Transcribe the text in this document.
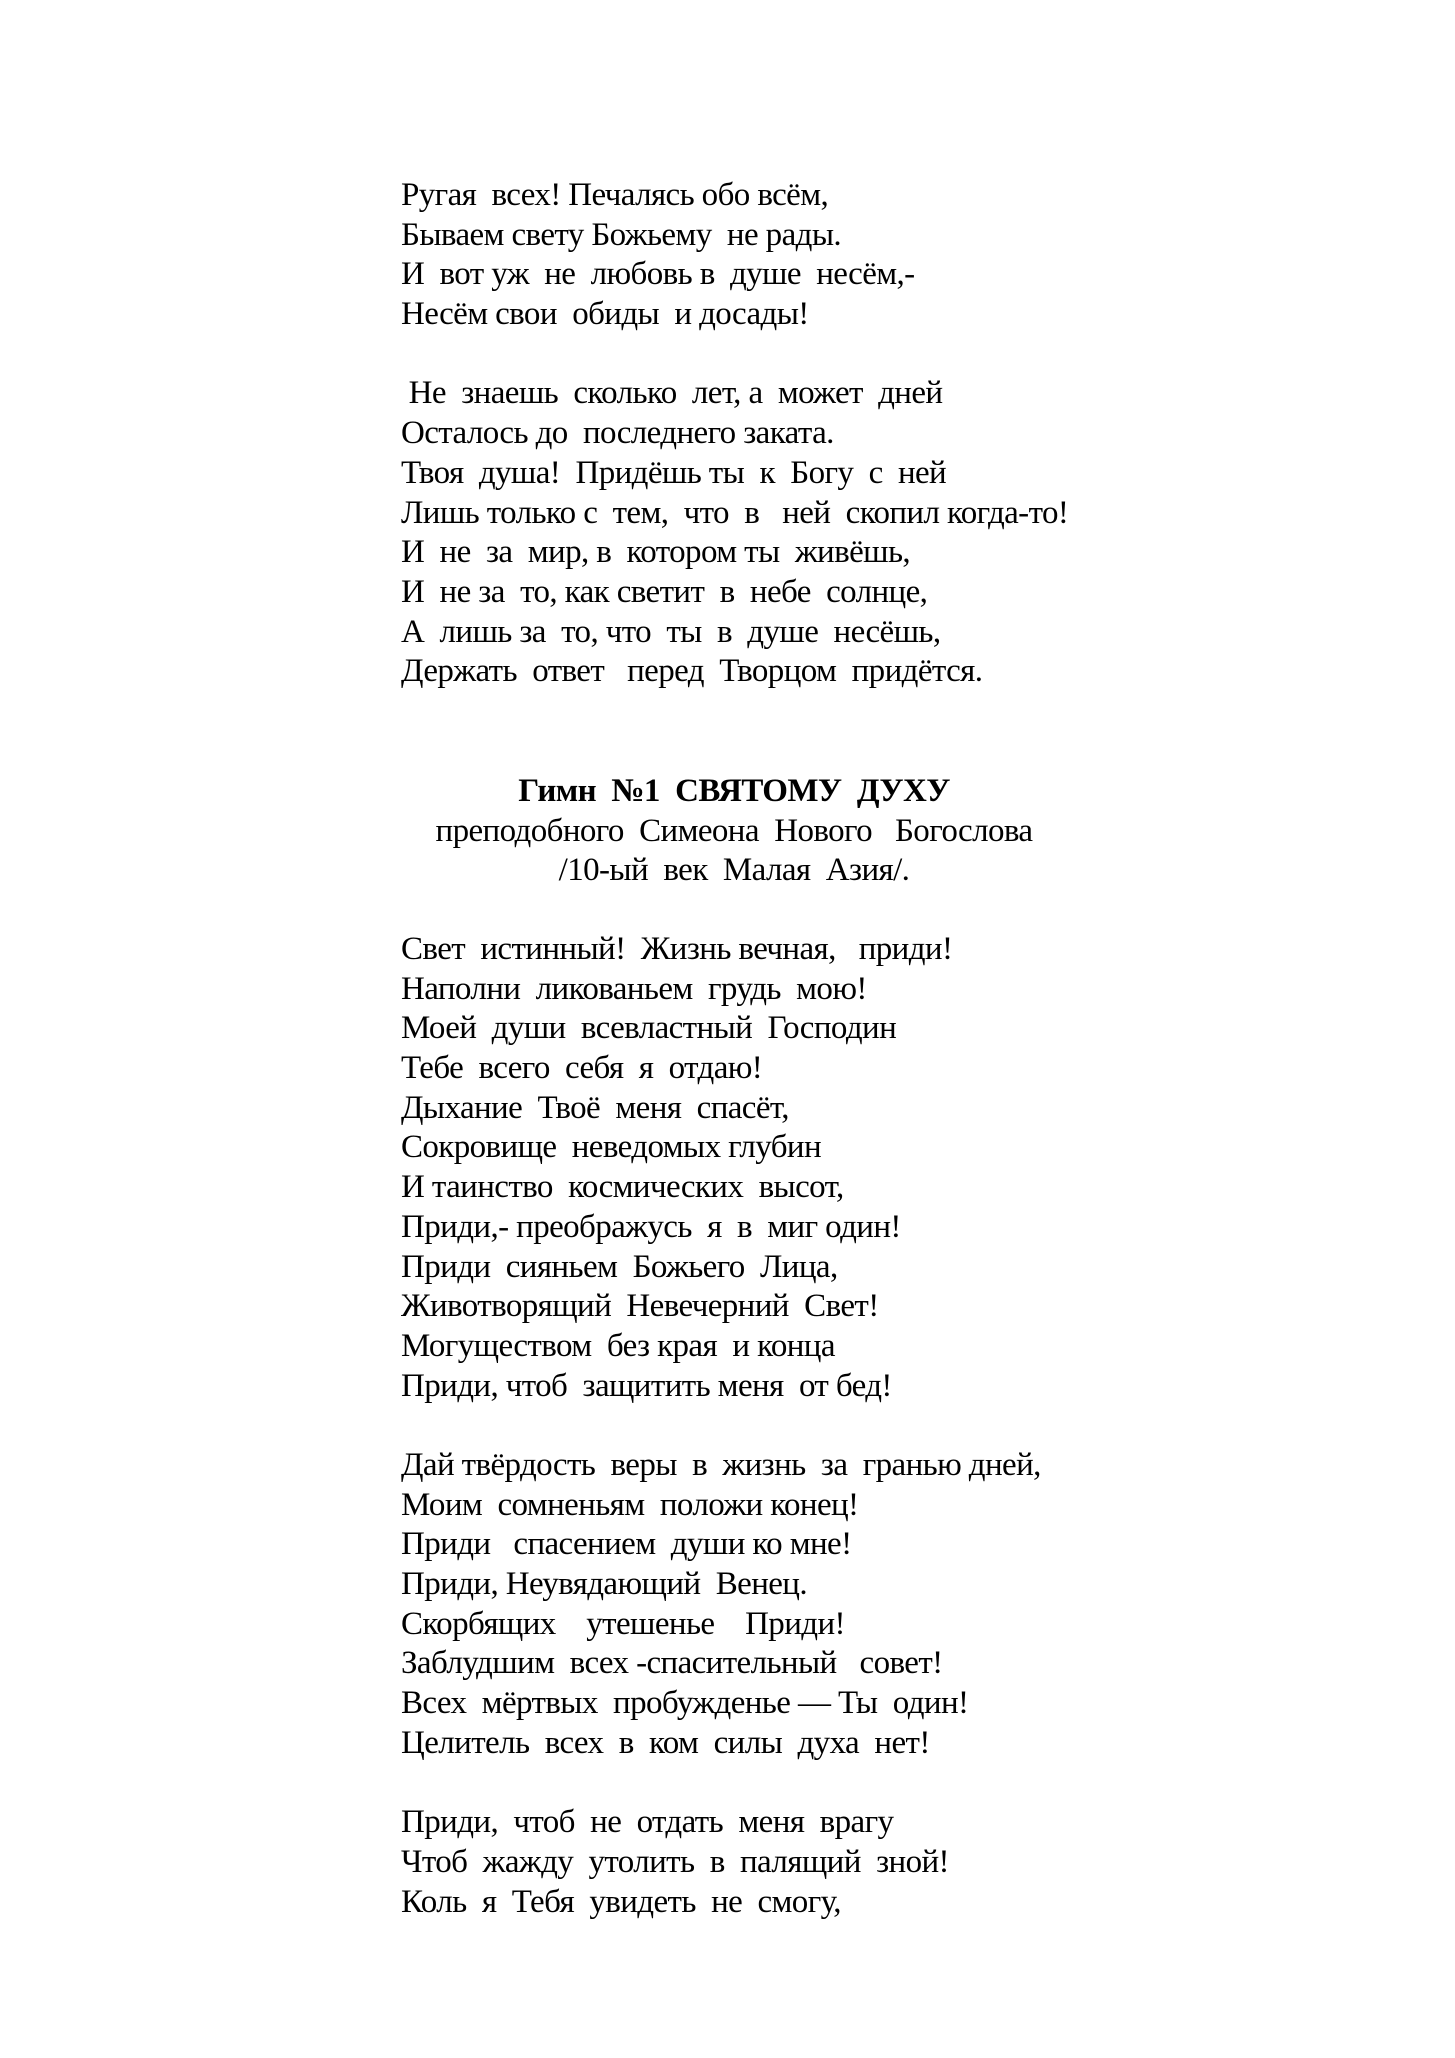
Ругая  всех! Печалясь обо всём,
Бываем свету Божьему  не рады.
И  вот уж  не  любовь в  душе  несём,-
Несём свои  обиды  и досады!
Не  знаешь  сколько  лет, а  может  дней
Осталось до  последнего заката.
Твоя  душа!  Придёшь ты  к  Богу  с  ней
Лишь только с  тем,  что  в   ней  скопил когда-то!
И  не  за  мир, в  котором ты  живёшь,
И  не за  то, как светит  в  небе  солнце,
А  лишь за  то, что  ты  в  душе  несёшь,
Держать  ответ   перед  Творцом  придётся.
Гимн  №1  СВЯТОМУ  ДУХУ
преподобного  Симеона  Нового   Богослова
/10-ый  век  Малая  Азия/.
Свет  истинный!  Жизнь вечная,   приди!
Наполни  ликованьем  грудь  мою!
Моей  души  всевластный  Господин
Тебе  всего  себя  я  отдаю!
Дыхание  Твоё  меня  спасёт,
Сокровище  неведомых глубин
И таинство  космических  высот,
Приди,- преображусь  я  в  миг один!
Приди  сияньем  Божьего  Лица,
Животворящий  Невечерний  Свет!
Могуществом  без края  и конца
Приди, чтоб  защитить меня  от бед!
Дай твёрдость  веры  в  жизнь  за  гранью дней,
Моим  сомненьям  положи конец!
Приди   спасением  души ко мне!
Приди, Неувядающий  Венец.
Скорбящих    утешенье    Приди!
Заблудшим  всех -спасительный   совет!
Всех  мёртвых  пробужденье — Ты  один!
Целитель  всех  в  ком  силы  духа  нет!
Приди,  чтоб  не  отдать  меня  врагу
Чтоб  жажду  утолить  в  палящий  зной!
Коль  я  Тебя  увидеть  не  смогу,
